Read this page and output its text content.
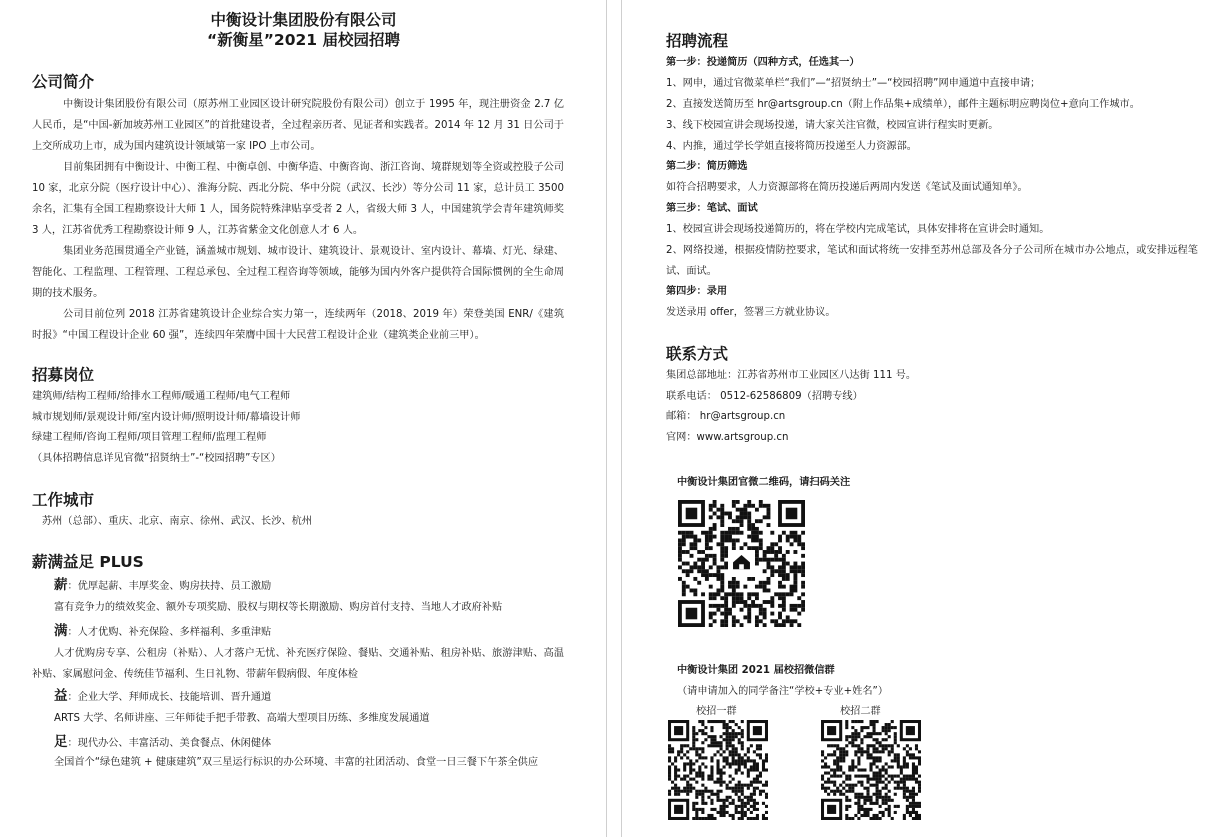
中衡设计集团股份有限公司
“新衡星”2021 届校园招聘
公司简介
中衡设计集团股份有限公司（原苏州工业园区设计研究院股份有限公司）创立于 1995 年，现注册资金 2.7 亿人民币，是“中国-新加坡苏州工业园区”的首批建设者，全过程亲历者、见证者和实践者。2014 年 12 月 31 日公司于上交所成功上市，成为国内建筑设计领域第一家 IPO 上市公司。
目前集团拥有中衡设计、中衡工程、中衡卓创、中衡华造、中衡咨询、浙江咨询、境群规划等全资或控股子公司 10 家，北京分院（医疗设计中心）、淮海分院、西北分院、华中分院（武汉、长沙）等分公司 11 家，总计员工 3500 余名，汇集有全国工程勘察设计大师 1 人，国务院特殊津贴享受者 2 人，省级大师 3 人，中国建筑学会青年建筑师奖 3 人，江苏省优秀工程勘察设计师 9 人，江苏省紫金文化创意人才 6 人。
集团业务范围贯通全产业链，涵盖城市规划、城市设计、建筑设计、景观设计、室内设计、幕墙、灯光、绿建、智能化、工程监理、工程管理、工程总承包、全过程工程咨询等领域，能够为国内外客户提供符合国际惯例的全生命周期的技术服务。
公司目前位列 2018 江苏省建筑设计企业综合实力第一，连续两年（2018、2019 年）荣登美国 ENR/《建筑时报》“中国工程设计企业 60 强”，连续四年荣膺中国十大民营工程设计企业（建筑类企业前三甲）。
招募岗位
建筑师/结构工程师/给排水工程师/暖通工程师/电气工程师
城市规划师/景观设计师/室内设计师/照明设计师/幕墙设计师
绿建工程师/咨询工程师/项目管理工程师/监理工程师
（具体招聘信息详见官微“招贤纳士”-“校园招聘”专区）
工作城市
苏州（总部）、重庆、北京、南京、徐州、武汉、长沙、杭州
薪满益足 PLUS
薪：优厚起薪、丰厚奖金、购房扶持、员工激励
富有竞争力的绩效奖金、额外专项奖励、股权与期权等长期激励、购房首付支持、当地人才政府补贴
满：人才优购、补充保险、多样福利、多重津贴
人才优购房专享、公租房（补贴）、人才落户无忧、补充医疗保险、餐贴、交通补贴、租房补贴、旅游津贴、高温补贴、家属慰问金、传统佳节福利、生日礼物、带薪年假病假、年度体检
益：企业大学、拜师成长、技能培训、晋升通道
ARTS 大学、名师讲座、三年师徒手把手带教、高端大型项目历练、多维度发展通道
足：现代办公、丰富活动、美食餐点、休闲健体
全国首个“绿色建筑 + 健康建筑”双三星运行标识的办公环境、丰富的社团活动、食堂一日三餐下午茶全供应
招聘流程
第一步：投递简历（四种方式，任选其一）
1、网申，通过官微菜单栏“我们”—“招贤纳士”—“校园招聘”网申通道中直接申请；
2、直接发送简历至 hr@artsgroup.cn（附上作品集+成绩单），邮件主题标明应聘岗位+意向工作城市。
3、线下校园宣讲会现场投递，请大家关注官微，校园宣讲行程实时更新。
4、内推，通过学长学姐直接将简历投递至人力资源部。
第二步：简历筛选
如符合招聘要求，人力资源部将在简历投递后两周内发送《笔试及面试通知单》。
第三步：笔试、面试
1、校园宣讲会现场投递简历的，将在学校内完成笔试，具体安排将在宣讲会时通知。
2、网络投递，根据疫情防控要求，笔试和面试将统一安排至苏州总部及各分子公司所在城市办公地点，或安排远程笔试、面试。
第四步：录用
发送录用 offer，签署三方就业协议。
联系方式
集团总部地址：江苏省苏州市工业园区八达街 111 号。
联系电话： 0512-62586809（招聘专线）
邮箱： hr@artsgroup.cn
官网：www.artsgroup.cn
中衡设计集团官微二维码，请扫码关注
中衡设计集团 2021 届校招微信群
（请申请加入的同学备注“学校+专业+姓名”）
校招一群	校招二群
